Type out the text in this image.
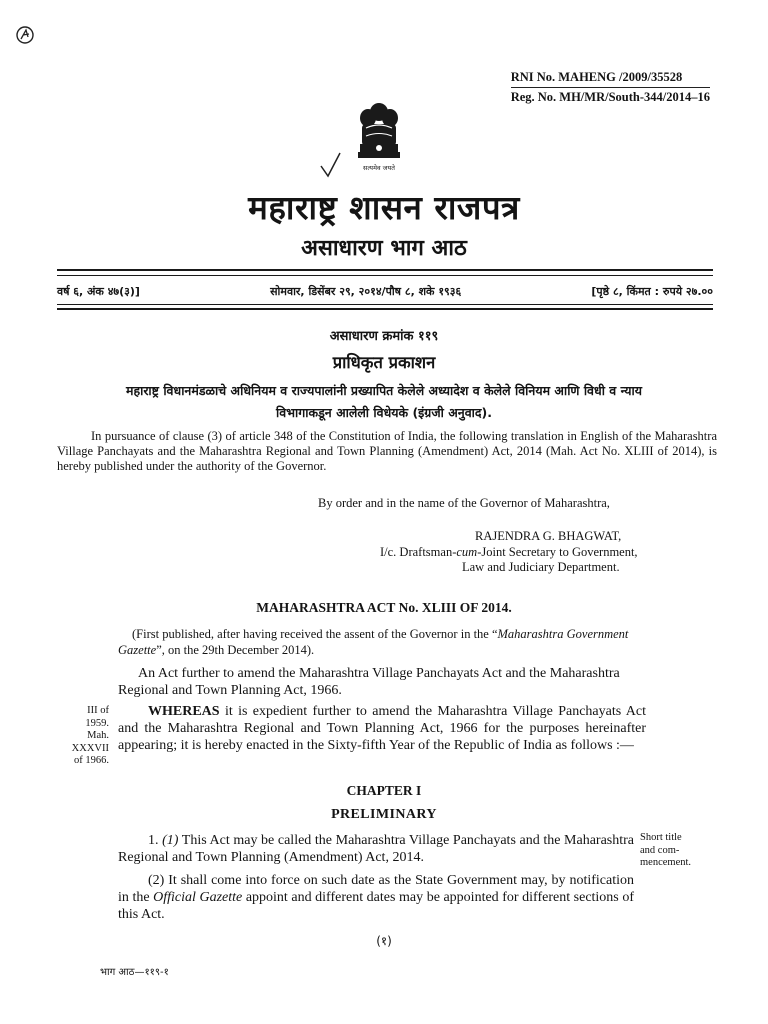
RNI No. MAHENG /2009/35528
Reg. No. MH/MR/South-344/2014–16
सत्यमेव जयते
महाराष्ट्र शासन राजपत्र
असाधारण भाग आठ
वर्ष ६, अंक ४७(३)]	सोमवार, डिसेंबर २९, २०१४/पौष ८, शके १९३६	[पृष्ठे ८, किंमत : रुपये २७.००
असाधारण क्रमांक ११९
प्राधिकृत प्रकाशन
महाराष्ट्र विधानमंडळाचे अधिनियम व राज्यपालांनी प्रख्यापित केलेले अध्यादेश व केलेले विनियम आणि विधी व न्याय
विभागाकडून आलेली विधेयके (इंग्रजी अनुवाद).
In pursuance of clause (3) of article 348 of the Constitution of India, the following translation in English of the Maharashtra Village Panchayats and the Maharashtra Regional and Town Planning (Amendment) Act, 2014 (Mah. Act No. XLIII of 2014), is hereby published under the authority of the Governor.
By order and in the name of the Governor of Maharashtra,
RAJENDRA G. BHAGWAT,
I/c. Draftsman-cum-Joint Secretary to Government,
Law and Judiciary Department.
MAHARASHTRA ACT No. XLIII OF 2014.
(First published, after having received the assent of the Governor in the “Maharashtra Government Gazette”, on the 29th December 2014).
An Act further to amend the Maharashtra Village Panchayats Act and the Maharashtra Regional and Town Planning Act, 1966.
III of
1959.
Mah.
XXXVII
of 1966.
WHEREAS it is expedient further to amend the Maharashtra Village Panchayats Act and the Maharashtra Regional and Town Planning Act, 1966 for the purposes hereinafter appearing; it is hereby enacted in the Sixty-fifth Year of the Republic of India as follows :—
CHAPTER I
PRELIMINARY
1. (1) This Act may be called the Maharashtra Village Panchayats and the Maharashtra Regional and Town Planning (Amendment) Act, 2014.
Short title
and com-
mencement.
(2) It shall come into force on such date as the State Government may, by notification in the Official Gazette appoint and different dates may be appointed for different sections of this Act.
(१)
भाग आठ—११९-१
